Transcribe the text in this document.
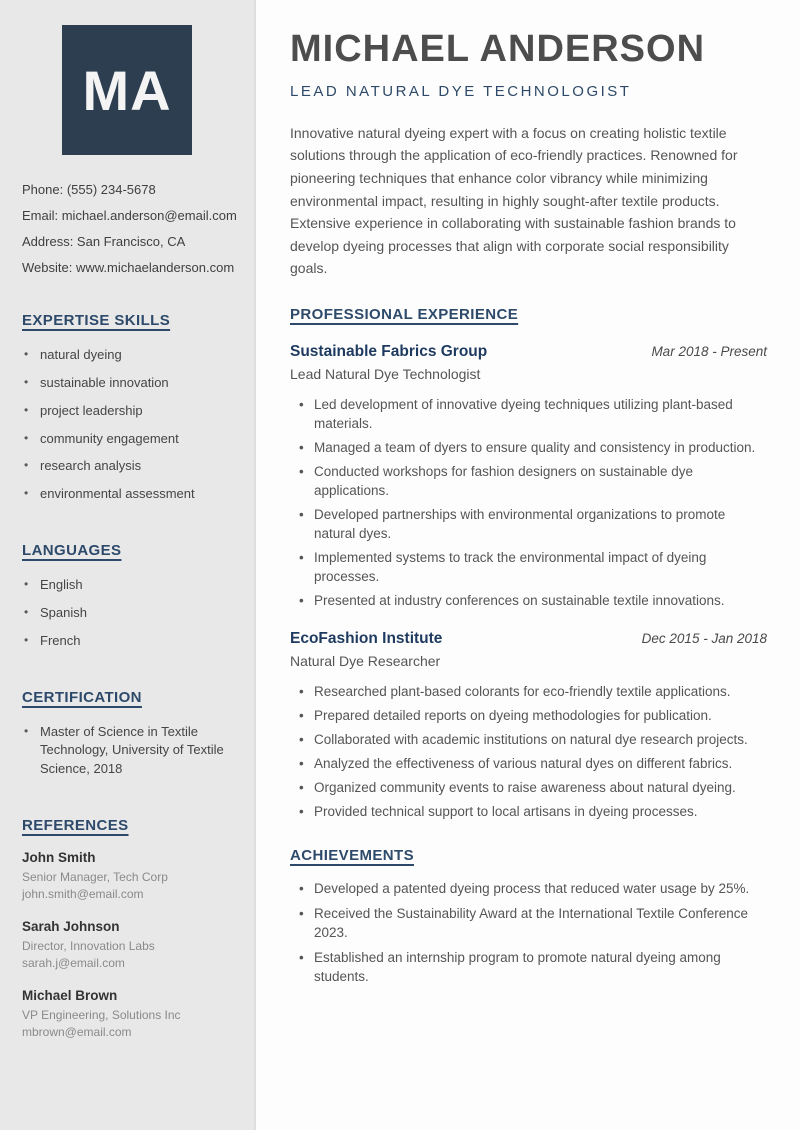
MA
Phone: (555) 234-5678
Email: michael.anderson@email.com
Address: San Francisco, CA
Website: www.michaelanderson.com
EXPERTISE SKILLS
• natural dyeing
• sustainable innovation
• project leadership
• community engagement
• research analysis
• environmental assessment
LANGUAGES
• English
• Spanish
• French
CERTIFICATION
• Master of Science in Textile Technology, University of Textile Science, 2018
REFERENCES
John Smith
Senior Manager, Tech Corp
john.smith@email.com
Sarah Johnson
Director, Innovation Labs
sarah.j@email.com
Michael Brown
VP Engineering, Solutions Inc
mbrown@email.com
MICHAEL ANDERSON
LEAD NATURAL DYE TECHNOLOGIST

Innovative natural dyeing expert with a focus on creating holistic textile solutions through the application of eco-friendly practices. Renowned for pioneering techniques that enhance color vibrancy while minimizing environmental impact, resulting in highly sought-after textile products. Extensive experience in collaborating with sustainable fashion brands to develop dyeing processes that align with corporate social responsibility goals.

PROFESSIONAL EXPERIENCE
Sustainable Fabrics Group	Mar 2018 - Present
Lead Natural Dye Technologist
• Led development of innovative dyeing techniques utilizing plant-based materials.
• Managed a team of dyers to ensure quality and consistency in production.
• Conducted workshops for fashion designers on sustainable dye applications.
• Developed partnerships with environmental organizations to promote natural dyes.
• Implemented systems to track the environmental impact of dyeing processes.
• Presented at industry conferences on sustainable textile innovations.
EcoFashion Institute	Dec 2015 - Jan 2018
Natural Dye Researcher
• Researched plant-based colorants for eco-friendly textile applications.
• Prepared detailed reports on dyeing methodologies for publication.
• Collaborated with academic institutions on natural dye research projects.
• Analyzed the effectiveness of various natural dyes on different fabrics.
• Organized community events to raise awareness about natural dyeing.
• Provided technical support to local artisans in dyeing processes.
ACHIEVEMENTS
• Developed a patented dyeing process that reduced water usage by 25%.
• Received the Sustainability Award at the International Textile Conference 2023.
• Established an internship program to promote natural dyeing among students.
